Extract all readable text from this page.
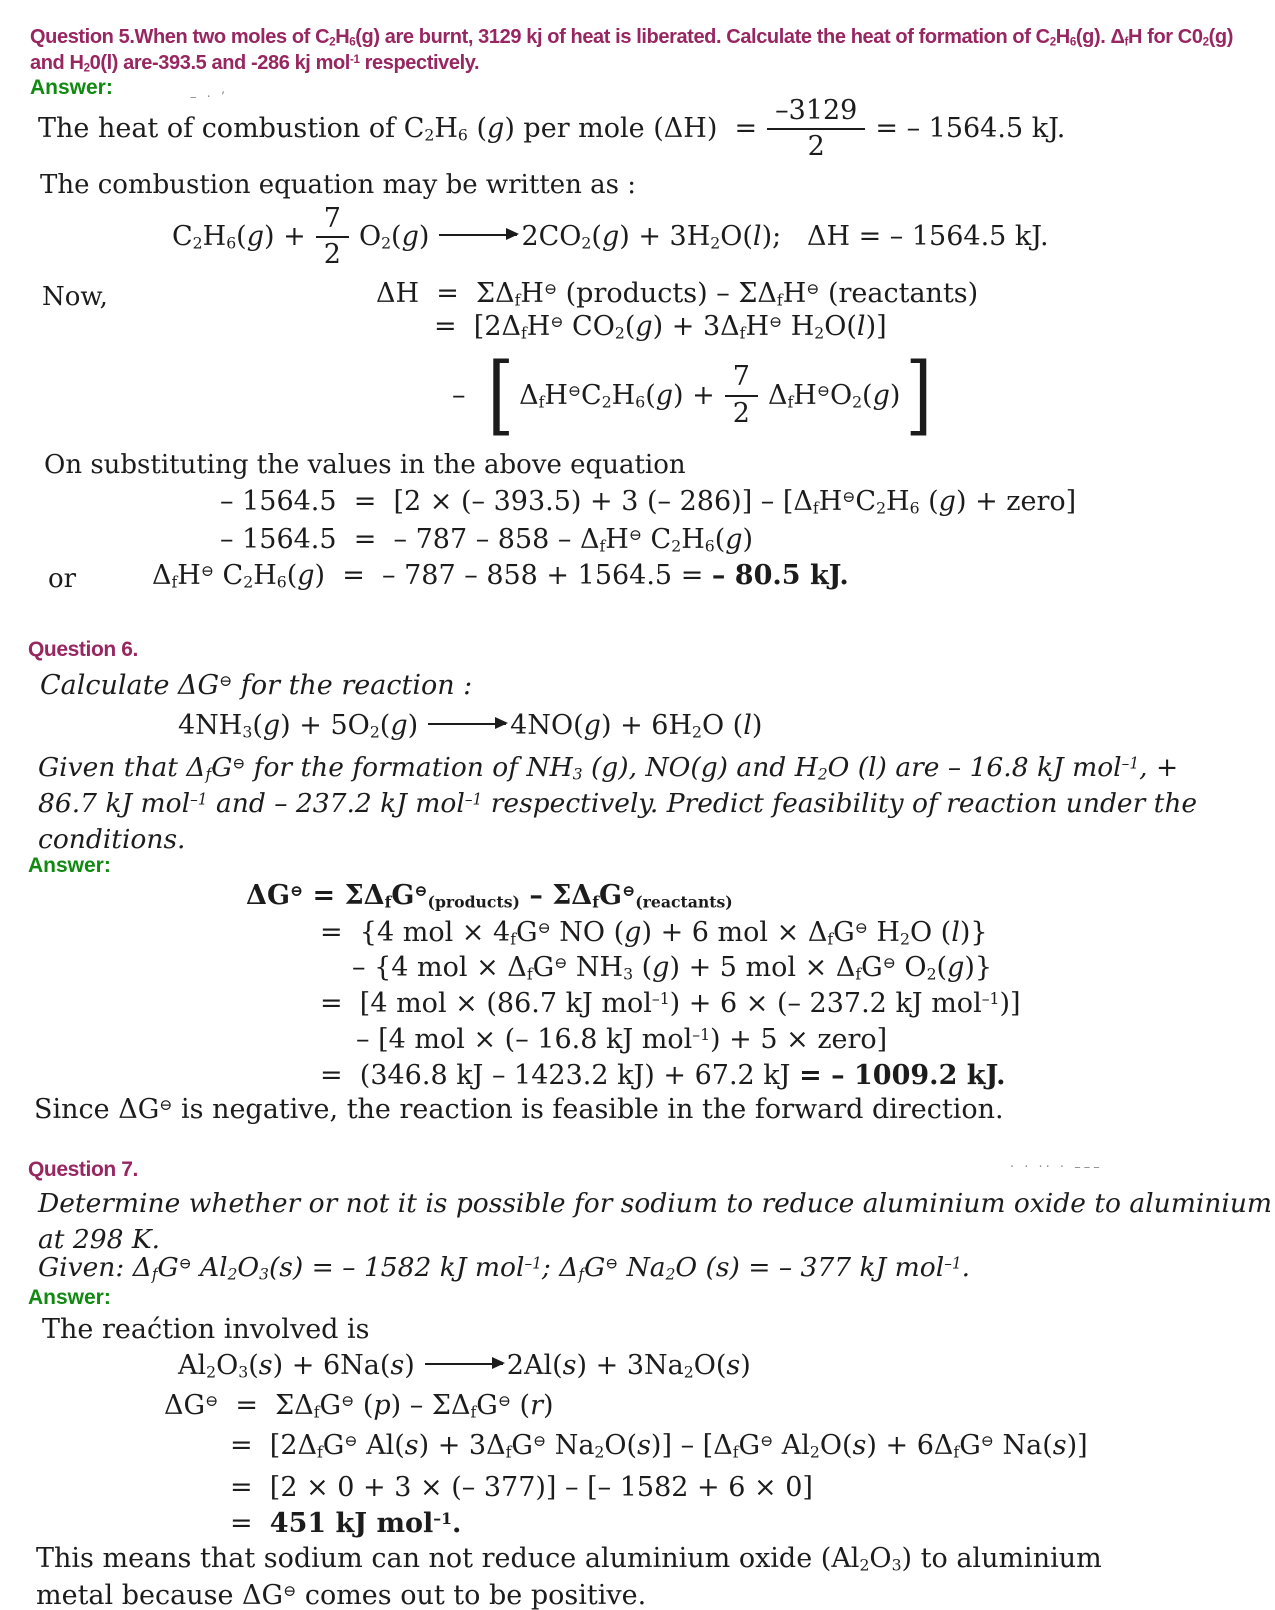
Question 5.When two moles of $C_2H_6(g)$ are burnt, 3129 kj of heat is liberated. Calculate the heat of formation of $C_2H_6(g)$. $\Delta_fH$ for $C0_2(g)$ and $H_20(l)$ are-393.5 and -286 kj mol$^{-1}$ respectively.
Answer:	– · ʼ
The heat of combustion of $C_2H_6$ (g) per mole $(\Delta H) = \frac{-3129}{2}$ = – 1564.5 kJ.
The combustion equation may be written as :
$C_2H_6(g) + \frac{7}{2} O_2(g) \to 2CO_2(g) + 3H_2O(l)$;   ΔH = – 1564.5 kJ.
Now,	$\Delta H = \Sigma\Delta_fH^⊖$ (products) – $\Sigma\Delta_fH^⊖$ (reactants)
=  [$2\Delta_fH^⊖$ $CO_2(g) + 3\Delta_fH^⊖$ $H_2O(l)$]
– [ $\Delta_fH^⊖C_2H_6(g) + \frac{7}{2} \Delta_fH^⊖O_2(g)$ ]
On substituting the values in the above equation
– 1564.5  =  [2 × (– 393.5) + 3 (– $286)] - [\Delta_fH^⊖C_2H_6$ (g) + zero]
– 1564.5  =  – $787 - 858 - \Delta_fH^⊖$ $C_2H_6(g)$
or	$\Delta_fH^⊖$ $C_2H_6(g)$  =  – 787 – 858 + 1564.5 = – 80.5 kJ.
Question 6.
Calculate ΔG⊖ for the reaction :
$4NH_3(g) + 5O_2(g) \to 4NO(g) + 6H_2O$ (l)
Given that $\Delta_fG^⊖$ for the formation of $NH_3$ (g), NO(g) and $H_2O$ (l) are – 16.8 kJ mol$^{-1}$, + 86.7 kJ mol$^{-1}$ and – 237.2 kJ mol$^{-1}$ respectively. Predict feasibility of reaction under the conditions.
Answer:
$\Delta G^⊖ = \Sigma\Delta_fG^⊖_{(products)} - \Sigma\Delta_fG^⊖_{(reactants)}$
=  {4 mol × $4_fG^⊖$ NO (g) + 6 mol × $\Delta_fG^⊖$ $H_2O$ (l)}
– {4 mol × $\Delta_fG^⊖$ $NH_3$ (g) + 5 mol × $\Delta_fG^⊖$ $O_2(g)$}
=  [4 mol × (86.7 kJ mol$^{-1}$) + 6 × (– 237.2 kJ mol$^{-1}$)]
– [4 mol × (– 16.8 kJ mol$^{-1}$) + 5 × zero]
=  (346.8 kJ – 1423.2 kJ) + 67.2 kJ = – 1009.2 kJ.
Since ΔG⊖ is negative, the reaction is feasible in the forward direction.
Question 7.	· · ·· · –––
Determine whether or not it is possible for sodium to reduce aluminium oxide to aluminium at 298 K.
Given: $\Delta_fG^⊖$ $Al_2O_3(s)$ = – 1582 kJ mol$^{-1}$; $\Delta_fG^⊖$ $Na_2O$ (s) = – 377 kJ mol$^{-1}$.
Answer:
The reaćtion involved is
$Al_2O_3(s) + 6Na(s) \to 2Al(s) + 3Na_2O(s)$
$\Delta G^⊖ = \Sigma\Delta_fG^⊖$ $(p) - \Sigma\Delta_fG^⊖$ (r)
=  [$2\Delta_fG^⊖$ $Al(s) + 3\Delta_fG^⊖$ $Na_2O(s)] - [\Delta_fG^⊖$ $Al_2O(s) + 6\Delta_fG^⊖$ Na(s)]
=  [2 × 0 + 3 × (– 377)] – [– 1582 + 6 × 0]
=  451 kJ mol$^{-1}$.
This means that sodium can not reduce aluminium oxide $(Al_2O_3)$ to aluminium metal because ΔG⊖ comes out to be positive.
